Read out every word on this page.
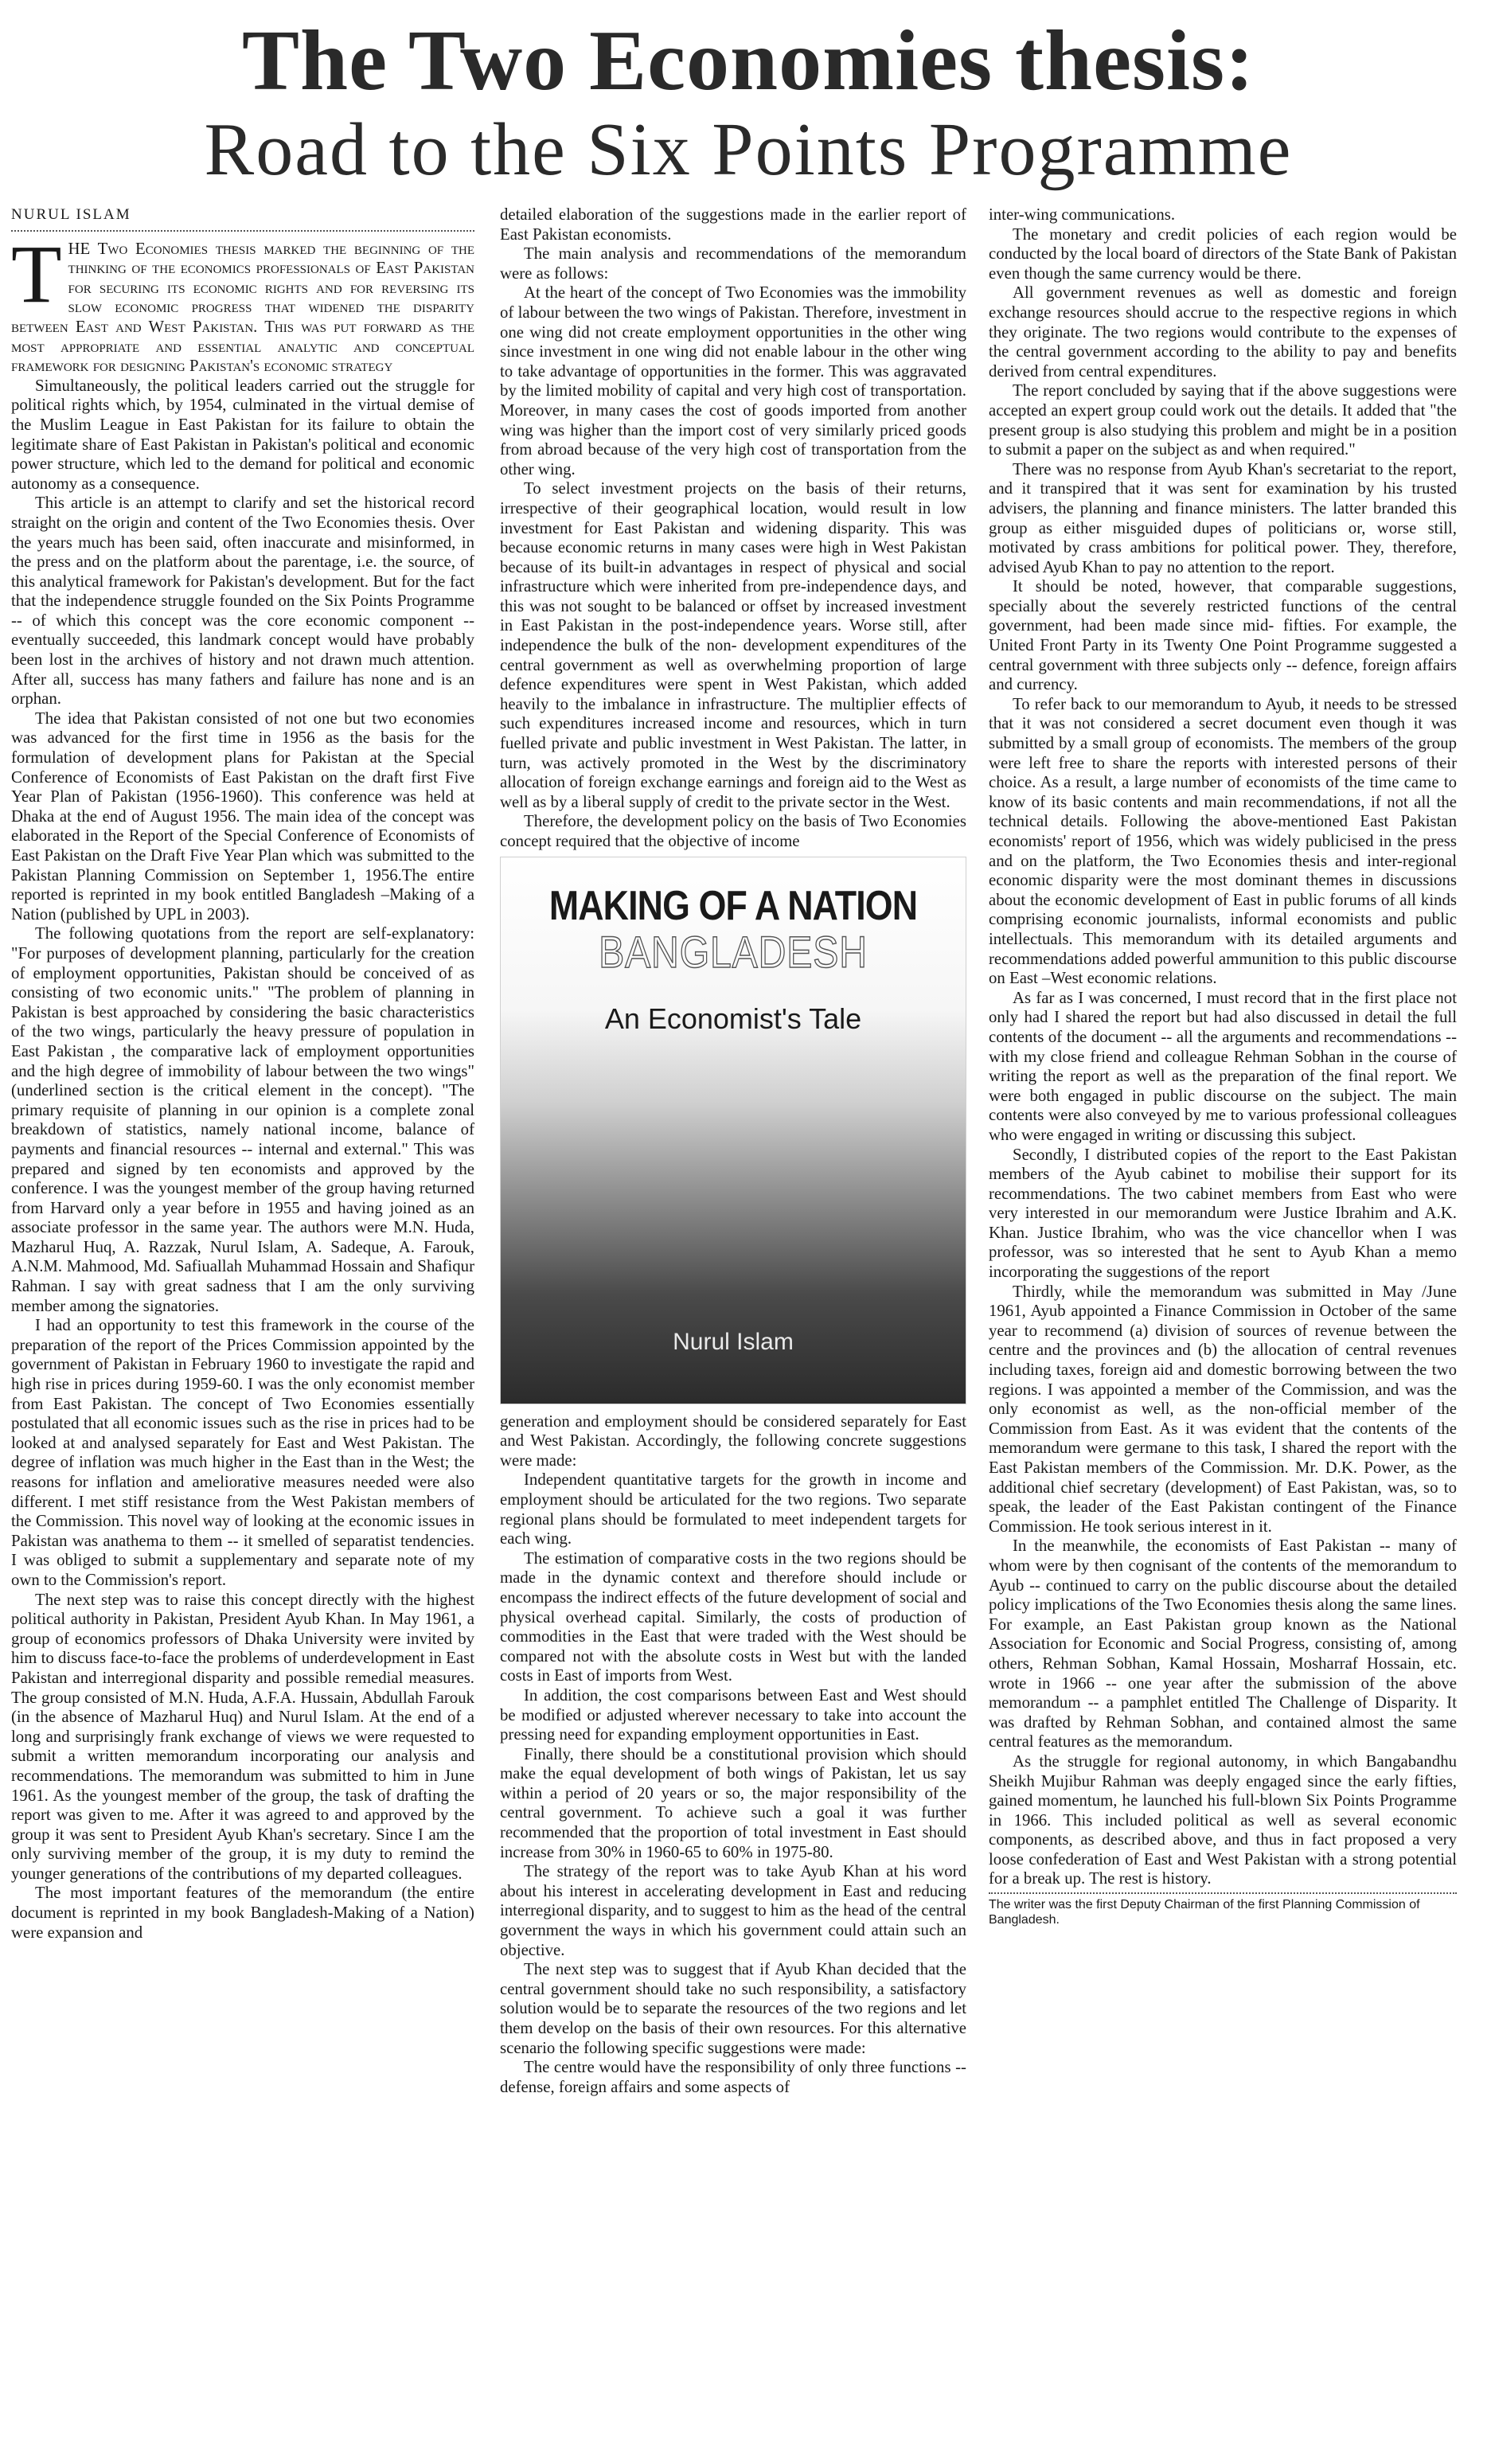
The Two Economies thesis:
Road to the Six Points Programme
NURUL ISLAM

THE Two Economies thesis marked the beginning of the thinking of the economics professionals of East Pakistan for securing its economic rights and for reversing its slow economic progress that widened the disparity between East and West Pakistan. This was put forward as the most appropriate and essential analytic and conceptual framework for designing Pakistan's economic strategy

Simultaneously, the political leaders carried out the struggle for political rights which, by 1954, culminated in the virtual demise of the Muslim League in East Pakistan for its failure to obtain the legitimate share of East Pakistan in Pakistan's political and economic power structure, which led to the demand for political and economic autonomy as a consequence.

This article is an attempt to clarify and set the historical record straight on the origin and content of the Two Economies thesis. Over the years much has been said, often inaccurate and misinformed, in the press and on the platform about the parentage, i.e. the source, of this analytical framework for Pakistan's development. But for the fact that the independence struggle founded on the Six Points Programme -- of which this concept was the core economic component -- eventually succeeded, this landmark concept would have probably been lost in the archives of history and not drawn much attention. After all, success has many fathers and failure has none and is an orphan.

The idea that Pakistan consisted of not one but two economies was advanced for the first time in 1956 as the basis for the formulation of development plans for Pakistan at the Special Conference of Economists of East Pakistan on the draft first Five Year Plan of Pakistan (1956-1960). This conference was held at Dhaka at the end of August 1956. The main idea of the concept was elaborated in the Report of the Special Conference of Economists of East Pakistan on the Draft Five Year Plan which was submitted to the Pakistan Planning Commission on September 1, 1956.The entire reported is reprinted in my book entitled Bangladesh –Making of a Nation (published by UPL in 2003).

The following quotations from the report are self-explanatory: "For purposes of development planning, particularly for the creation of employment opportunities, Pakistan should be conceived of as consisting of two economic units." "The problem of planning in Pakistan is best approached by considering the basic characteristics of the two wings, particularly the heavy pressure of population in East Pakistan , the comparative lack of employment opportunities and the high degree of immobility of labour between the two wings" (underlined section is the critical element in the concept). "The primary requisite of planning in our opinion is a complete zonal breakdown of statistics, namely national income, balance of payments and financial resources -- internal and external." This was prepared and signed by ten economists and approved by the conference. I was the youngest member of the group having returned from Harvard only a year before in 1955 and having joined as an associate professor in the same year. The authors were M.N. Huda, Mazharul Huq, A. Razzak, Nurul Islam, A. Sadeque, A. Farouk, A.N.M. Mahmood, Md. Safiuallah Muhammad Hossain and Shafiqur Rahman. I say with great sadness that I am the only surviving member among the signatories.

I had an opportunity to test this framework in the course of the preparation of the report of the Prices Commission appointed by the government of Pakistan in February 1960 to investigate the rapid and high rise in prices during 1959-60. I was the only economist member from East Pakistan. The concept of Two Economies essentially postulated that all economic issues such as the rise in prices had to be looked at and analysed separately for East and West Pakistan. The degree of inflation was much higher in the East than in the West; the reasons for inflation and ameliorative measures needed were also different. I met stiff resistance from the West Pakistan members of the Commission. This novel way of looking at the economic issues in Pakistan was anathema to them -- it smelled of separatist tendencies. I was obliged to submit a supplementary and separate note of my own to the Commission's report.

The next step was to raise this concept directly with the highest political authority in Pakistan, President Ayub Khan. In May 1961, a group of economics professors of Dhaka University were invited by him to discuss face-to-face the problems of underdevelopment in East Pakistan and interregional disparity and possible remedial measures. The group consisted of M.N. Huda, A.F.A. Hussain, Abdullah Farouk (in the absence of Mazharul Huq) and Nurul Islam. At the end of a long and surprisingly frank exchange of views we were requested to submit a written memorandum incorporating our analysis and recommendations. The memorandum was submitted to him in June 1961. As the youngest member of the group, the task of drafting the report was given to me. After it was agreed to and approved by the group it was sent to President Ayub Khan's secretary. Since I am the only surviving member of the group, it is my duty to remind the younger generations of the contributions of my departed colleagues.

The most important features of the memorandum (the entire document is reprinted in my book Bangladesh-Making of a Nation) were expansion and

detailed elaboration of the suggestions made in the earlier report of East Pakistan economists.

The main analysis and recommendations of the memorandum were as follows:

At the heart of the concept of Two Economies was the immobility of labour between the two wings of Pakistan. Therefore, investment in one wing did not create employment opportunities in the other wing since investment in one wing did not enable labour in the other wing to take advantage of opportunities in the former. This was aggravated by the limited mobility of capital and very high cost of transportation. Moreover, in many cases the cost of goods imported from another wing was higher than the import cost of very similarly priced goods from abroad because of the very high cost of transportation from the other wing.

To select investment projects on the basis of their returns, irrespective of their geographical location, would result in low investment for East Pakistan and widening disparity. This was because economic returns in many cases were high in West Pakistan because of its built-in advantages in respect of physical and social infrastructure which were inherited from pre-independence days, and this was not sought to be balanced or offset by increased investment in East Pakistan in the post-independence years. Worse still, after independence the bulk of the non- development expenditures of the central government as well as overwhelming proportion of large defence expenditures were spent in West Pakistan, which added heavily to the imbalance in infrastructure. The multiplier effects of such expenditures increased income and resources, which in turn fuelled private and public investment in West Pakistan. The latter, in turn, was actively promoted in the West by the discriminatory allocation of foreign exchange earnings and foreign aid to the West as well as by a liberal supply of credit to the private sector in the West.

Therefore, the development policy on the basis of Two Economies concept required that the objective of income

MAKING OF A NATION
BANGLADESH
An Economist's Tale
Nurul Islam

generation and employment should be considered separately for East and West Pakistan. Accordingly, the following concrete suggestions were made:

Independent quantitative targets for the growth in income and employment should be articulated for the two regions. Two separate regional plans should be formulated to meet independent targets for each wing.

The estimation of comparative costs in the two regions should be made in the dynamic context and therefore should include or encompass the indirect effects of the future development of social and physical overhead capital. Similarly, the costs of production of commodities in the East that were traded with the West should be compared not with the absolute costs in West but with the landed costs in East of imports from West.

In addition, the cost comparisons between East and West should be modified or adjusted wherever necessary to take into account the pressing need for expanding employment opportunities in East.

Finally, there should be a constitutional provision which should make the equal development of both wings of Pakistan, let us say within a period of 20 years or so, the major responsibility of the central government. To achieve such a goal it was further recommended that the proportion of total investment in East should increase from 30% in 1960-65 to 60% in 1975-80.

The strategy of the report was to take Ayub Khan at his word about his interest in accelerating development in East and reducing interregional disparity, and to suggest to him as the head of the central government the ways in which his government could attain such an objective.

The next step was to suggest that if Ayub Khan decided that the central government should take no such responsibility, a satisfactory solution would be to separate the resources of the two regions and let them develop on the basis of their own resources. For this alternative scenario the following specific suggestions were made:

The centre would have the responsibility of only three functions -- defense, foreign affairs and some aspects of

inter-wing communications.

The monetary and credit policies of each region would be conducted by the local board of directors of the State Bank of Pakistan even though the same currency would be there.

All government revenues as well as domestic and foreign exchange resources should accrue to the respective regions in which they originate. The two regions would contribute to the expenses of the central government according to the ability to pay and benefits derived from central expenditures.

The report concluded by saying that if the above suggestions were accepted an expert group could work out the details. It added that "the present group is also studying this problem and might be in a position to submit a paper on the subject as and when required."

There was no response from Ayub Khan's secretariat to the report, and it transpired that it was sent for examination by his trusted advisers, the planning and finance ministers. The latter branded this group as either misguided dupes of politicians or, worse still, motivated by crass ambitions for political power. They, therefore, advised Ayub Khan to pay no attention to the report.

It should be noted, however, that comparable suggestions, specially about the severely restricted functions of the central government, had been made since mid- fifties. For example, the United Front Party in its Twenty One Point Programme suggested a central government with three subjects only -- defence, foreign affairs and currency.

To refer back to our memorandum to Ayub, it needs to be stressed that it was not considered a secret document even though it was submitted by a small group of economists. The members of the group were left free to share the reports with interested persons of their choice. As a result, a large number of economists of the time came to know of its basic contents and main recommendations, if not all the technical details. Following the above-mentioned East Pakistan economists' report of 1956, which was widely publicised in the press and on the platform, the Two Economies thesis and inter-regional economic disparity were the most dominant themes in discussions about the economic development of East in public forums of all kinds comprising economic journalists, informal economists and public intellectuals. This memorandum with its detailed arguments and recommendations added powerful ammunition to this public discourse on East –West economic relations.

As far as I was concerned, I must record that in the first place not only had I shared the report but had also discussed in detail the full contents of the document -- all the arguments and recommendations -- with my close friend and colleague Rehman Sobhan in the course of writing the report as well as the preparation of the final report. We were both engaged in public discourse on the subject. The main contents were also conveyed by me to various professional colleagues who were engaged in writing or discussing this subject.

Secondly, I distributed copies of the report to the East Pakistan members of the Ayub cabinet to mobilise their support for its recommendations. The two cabinet members from East who were very interested in our memorandum were Justice Ibrahim and A.K. Khan. Justice Ibrahim, who was the vice chancellor when I was professor, was so interested that he sent to Ayub Khan a memo incorporating the suggestions of the report

Thirdly, while the memorandum was submitted in May /June 1961, Ayub appointed a Finance Commission in October of the same year to recommend (a) division of sources of revenue between the centre and the provinces and (b) the allocation of central revenues including taxes, foreign aid and domestic borrowing between the two regions. I was appointed a member of the Commission, and was the only economist as well, as the non-official member of the Commission from East. As it was evident that the contents of the memorandum were germane to this task, I shared the report with the East Pakistan members of the Commission. Mr. D.K. Power, as the additional chief secretary (development) of East Pakistan, was, so to speak, the leader of the East Pakistan contingent of the Finance Commission. He took serious interest in it.

In the meanwhile, the economists of East Pakistan -- many of whom were by then cognisant of the contents of the memorandum to Ayub -- continued to carry on the public discourse about the detailed policy implications of the Two Economies thesis along the same lines. For example, an East Pakistan group known as the National Association for Economic and Social Progress, consisting of, among others, Rehman Sobhan, Kamal Hossain, Mosharraf Hossain, etc. wrote in 1966 -- one year after the submission of the above memorandum -- a pamphlet entitled The Challenge of Disparity. It was drafted by Rehman Sobhan, and contained almost the same central features as the memorandum.

As the struggle for regional autonomy, in which Bangabandhu Sheikh Mujibur Rahman was deeply engaged since the early fifties, gained momentum, he launched his full-blown Six Points Programme in 1966. This included political as well as several economic components, as described above, and thus in fact proposed a very loose confederation of East and West Pakistan with a strong potential for a break up. The rest is history.

The writer was the first Deputy Chairman of the first Planning Commission of Bangladesh.
